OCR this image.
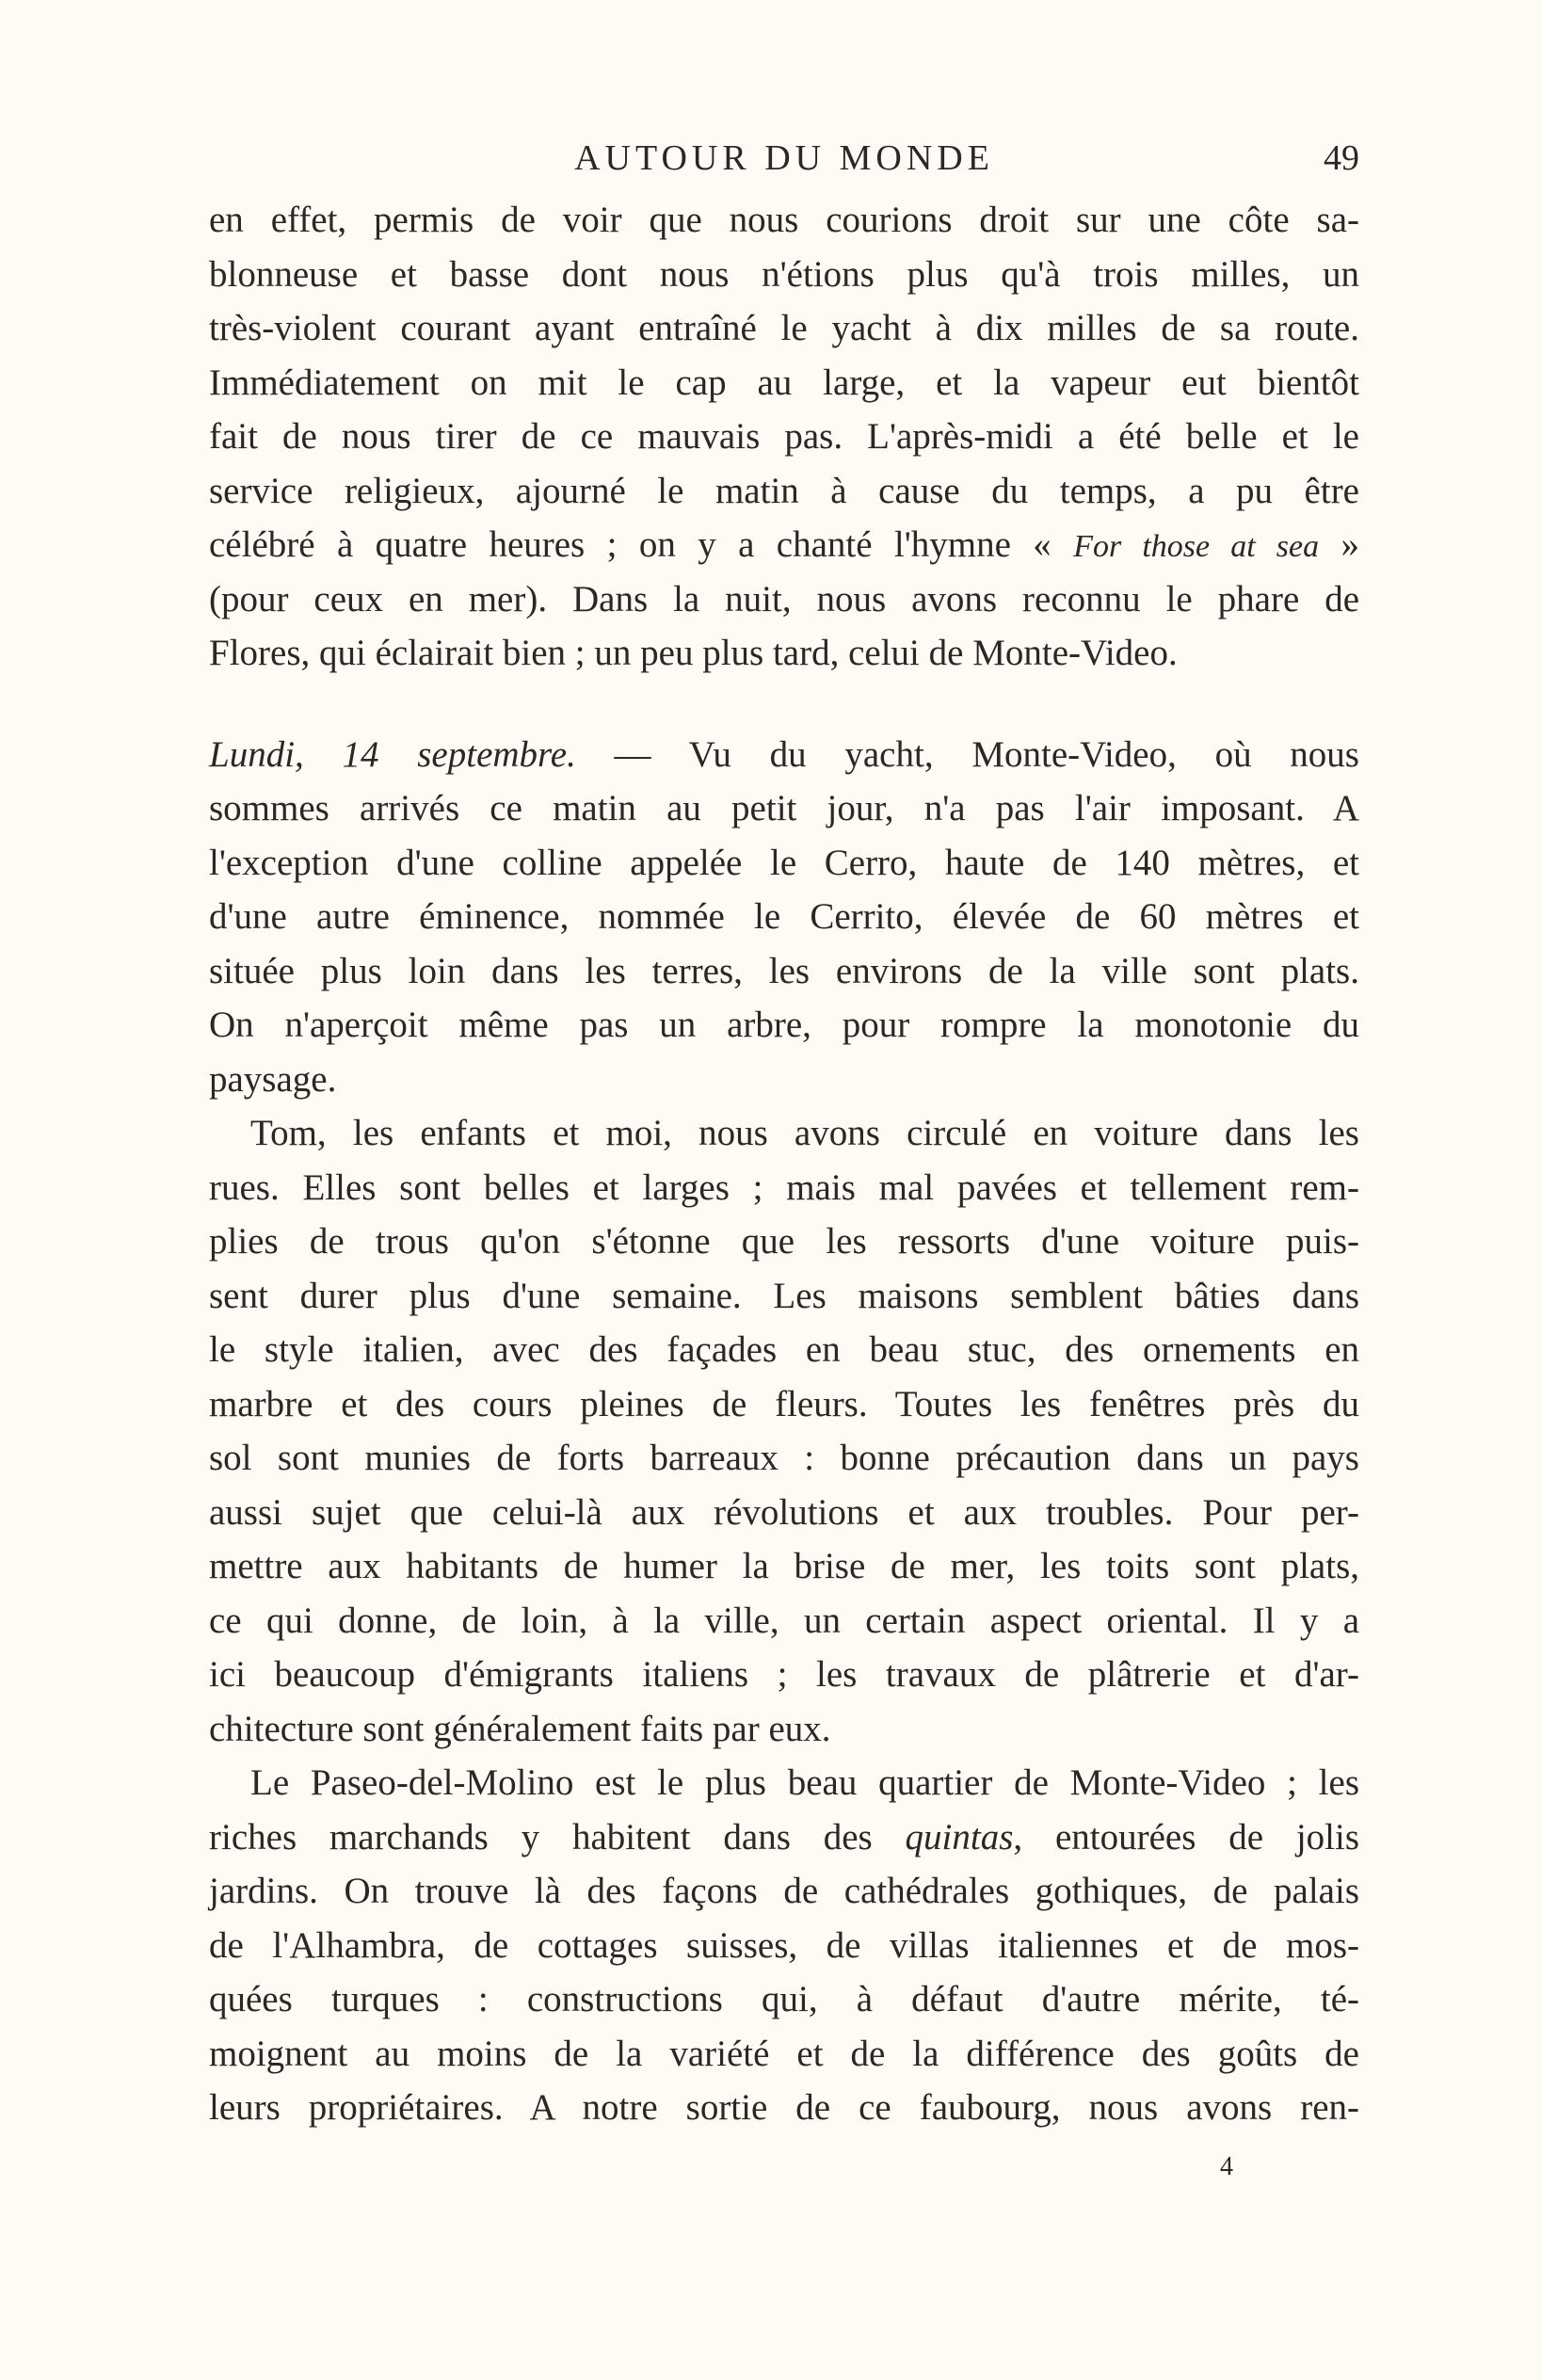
AUTOUR DU MONDE	49
en effet, permis de voir que nous courions droit sur une côte sa-
blonneuse et basse dont nous n'étions plus qu'à trois milles, un
très-violent courant ayant entraîné le yacht à dix milles de sa route.
Immédiatement on mit le cap au large, et la vapeur eut bientôt
fait de nous tirer de ce mauvais pas. L'après-midi a été belle et le
service religieux, ajourné le matin à cause du temps, a pu être
célébré à quatre heures ; on y a chanté l'hymne « For those at sea »
(pour ceux en mer). Dans la nuit, nous avons reconnu le phare de
Flores, qui éclairait bien ; un peu plus tard, celui de Monte-Video.
Lundi, 14 septembre. — Vu du yacht, Monte-Video, où nous
sommes arrivés ce matin au petit jour, n'a pas l'air imposant. A
l'exception d'une colline appelée le Cerro, haute de 140 mètres, et
d'une autre éminence, nommée le Cerrito, élevée de 60 mètres et
située plus loin dans les terres, les environs de la ville sont plats.
On n'aperçoit même pas un arbre, pour rompre la monotonie du
paysage.
Tom, les enfants et moi, nous avons circulé en voiture dans les
rues. Elles sont belles et larges ; mais mal pavées et tellement rem-
plies de trous qu'on s'étonne que les ressorts d'une voiture puis-
sent durer plus d'une semaine. Les maisons semblent bâties dans
le style italien, avec des façades en beau stuc, des ornements en
marbre et des cours pleines de fleurs. Toutes les fenêtres près du
sol sont munies de forts barreaux : bonne précaution dans un pays
aussi sujet que celui-là aux révolutions et aux troubles. Pour per-
mettre aux habitants de humer la brise de mer, les toits sont plats,
ce qui donne, de loin, à la ville, un certain aspect oriental. Il y a
ici beaucoup d'émigrants italiens ; les travaux de plâtrerie et d'ar-
chitecture sont généralement faits par eux.
Le Paseo-del-Molino est le plus beau quartier de Monte-Video ; les
riches marchands y habitent dans des quintas, entourées de jolis
jardins. On trouve là des façons de cathédrales gothiques, de palais
de l'Alhambra, de cottages suisses, de villas italiennes et de mos-
quées turques : constructions qui, à défaut d'autre mérite, té-
moignent au moins de la variété et de la différence des goûts de
leurs propriétaires. A notre sortie de ce faubourg, nous avons ren-
4
